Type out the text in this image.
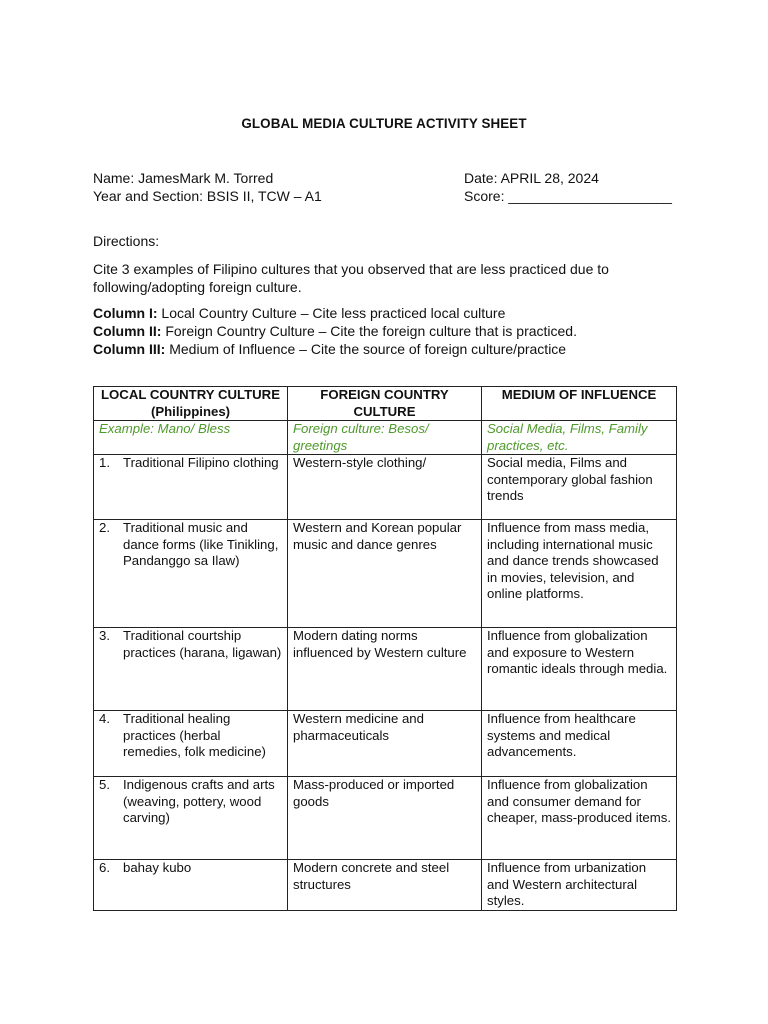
GLOBAL MEDIA CULTURE ACTIVITY SHEET
Name: JamesMark M. Torred
Year and Section: BSIS II, TCW – A1
Date: APRIL 28, 2024
Score: _____________________
Directions:
Cite 3 examples of Filipino cultures that you observed that are less practiced due to following/adopting foreign culture.
Column I: Local Country Culture – Cite less practiced local culture
Column II: Foreign Country Culture – Cite the foreign culture that is practiced.
Column III: Medium of Influence – Cite the source of foreign culture/practice
LOCAL COUNTRY CULTURE (Philippines)	FOREIGN COUNTRY CULTURE	MEDIUM OF INFLUENCE
Example: Mano/ Bless	Foreign culture: Besos/ greetings	Social Media, Films, Family practices, etc.

1. Traditional Filipino clothing	Western-style clothing/	Social media, Films and contemporary global fashion trends

2. Traditional music and dance forms (like Tinikling, Pandanggo sa Ilaw)	Western and Korean popular music and dance genres	Influence from mass media, including international music and dance trends showcased in movies, television, and online platforms.

3. Traditional courtship practices (harana, ligawan)	Modern dating norms influenced by Western culture	Influence from globalization and exposure to Western romantic ideals through media.

4. Traditional healing practices (herbal remedies, folk medicine)	Western medicine and pharmaceuticals	Influence from healthcare systems and medical advancements.

5. Indigenous crafts and arts (weaving, pottery, wood carving)	Mass-produced or imported goods	Influence from globalization and consumer demand for cheaper, mass-produced items.

6. bahay kubo	Modern concrete and steel structures	Influence from urbanization and Western architectural styles.
